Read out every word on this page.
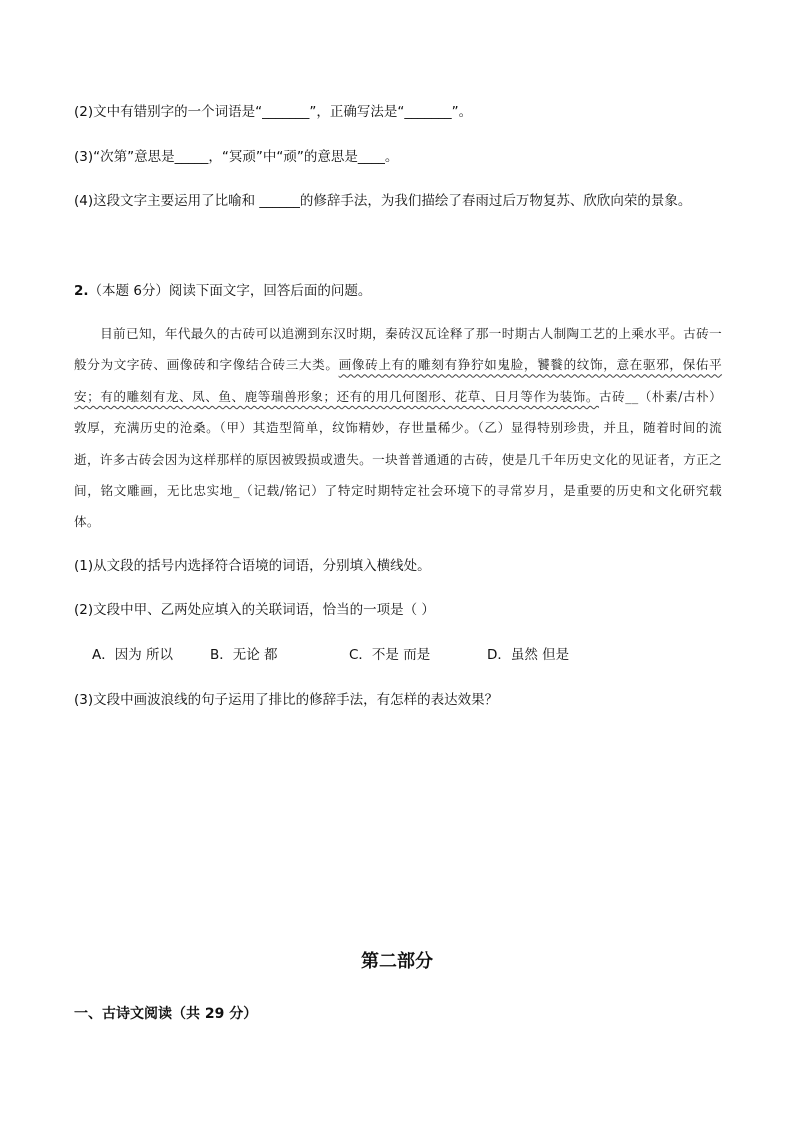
(2)文中有错别字的一个词语是“_______”，正确写法是“_______”。
(3)“次第”意思是_____，“冥顽”中“顽”的意思是____。
(4)这段文字主要运用了比喻和 ______的修辞手法，为我们描绘了春雨过后万物复苏、欣欣向荣的景象。
2.（本题 6分）阅读下面文字，回答后面的问题。
目前已知，年代最久的古砖可以追溯到东汉时期，秦砖汉瓦诠释了那一时期古人制陶工艺的上乘水平。古砖一般分为文字砖、画像砖和字像结合砖三大类。画像砖上有的雕刻有狰狞如鬼脸，饕餮的纹饰，意在驱邪，保佑平安；有的雕刻有龙、凤、鱼、鹿等瑞兽形象；还有的用几何图形、花草、日月等作为装饰。古砖__（朴素/古朴）敦厚，充满历史的沧桑。（甲）其造型简单，纹饰精妙，存世量稀少。（乙）显得特别珍贵，并且，随着时间的流逝，许多古砖会因为这样那样的原因被毁损或遗失。一块普普通通的古砖，使是几千年历史文化的见证者，方正之间，铭文雕画，无比忠实地_（记载/铭记）了特定时期特定社会环境下的寻常岁月，是重要的历史和文化研究载体。
(1)从文段的括号内选择符合语境的词语，分别填入横线处。
(2)文段中甲、乙两处应填入的关联词语，恰当的一项是（ ）
A．因为 所以	B．无论 都	C．不是 而是	D．虽然 但是
(3)文段中画波浪线的句子运用了排比的修辞手法，有怎样的表达效果？
第二部分
一、古诗文阅读（共 29 分）
